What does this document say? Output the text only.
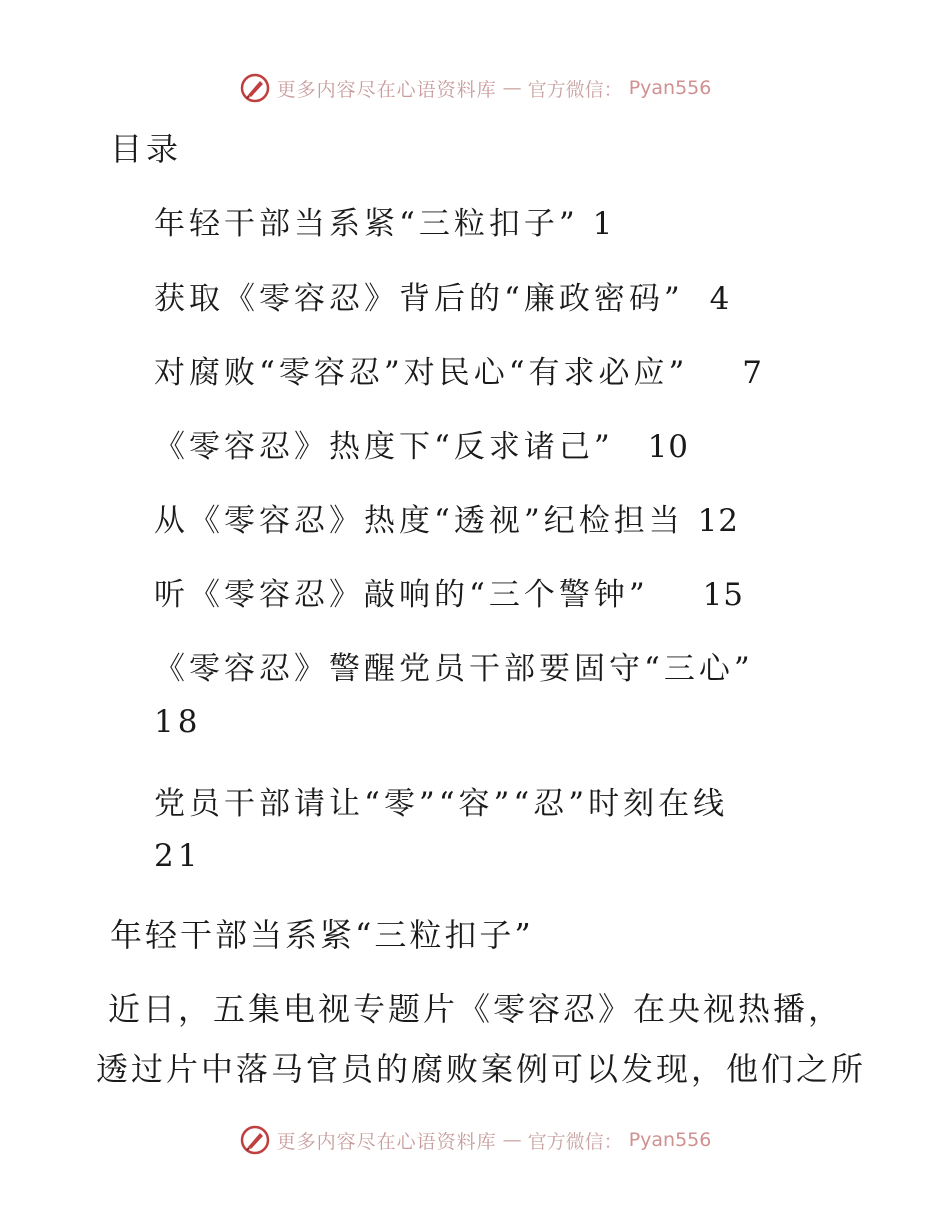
更多内容尽在心语资料库 — 官方微信： Pyan556
目录
年轻干部当系紧“三粒扣子” 1
获取《零容忍》背后的“廉政密码” 4
对腐败“零容忍”对民心“有求必应” 7
《零容忍》热度下“反求诸己” 10
从《零容忍》热度“透视”纪检担当 12
听《零容忍》敲响的“三个警钟” 15
《零容忍》警醒党员干部要固守“三心”
18
党员干部请让“零”“容”“忍”时刻在线
21
年轻干部当系紧“三粒扣子”
近日，五集电视专题片《零容忍》在央视热播，
透过片中落马官员的腐败案例可以发现，他们之所
更多内容尽在心语资料库 — 官方微信： Pyan556
